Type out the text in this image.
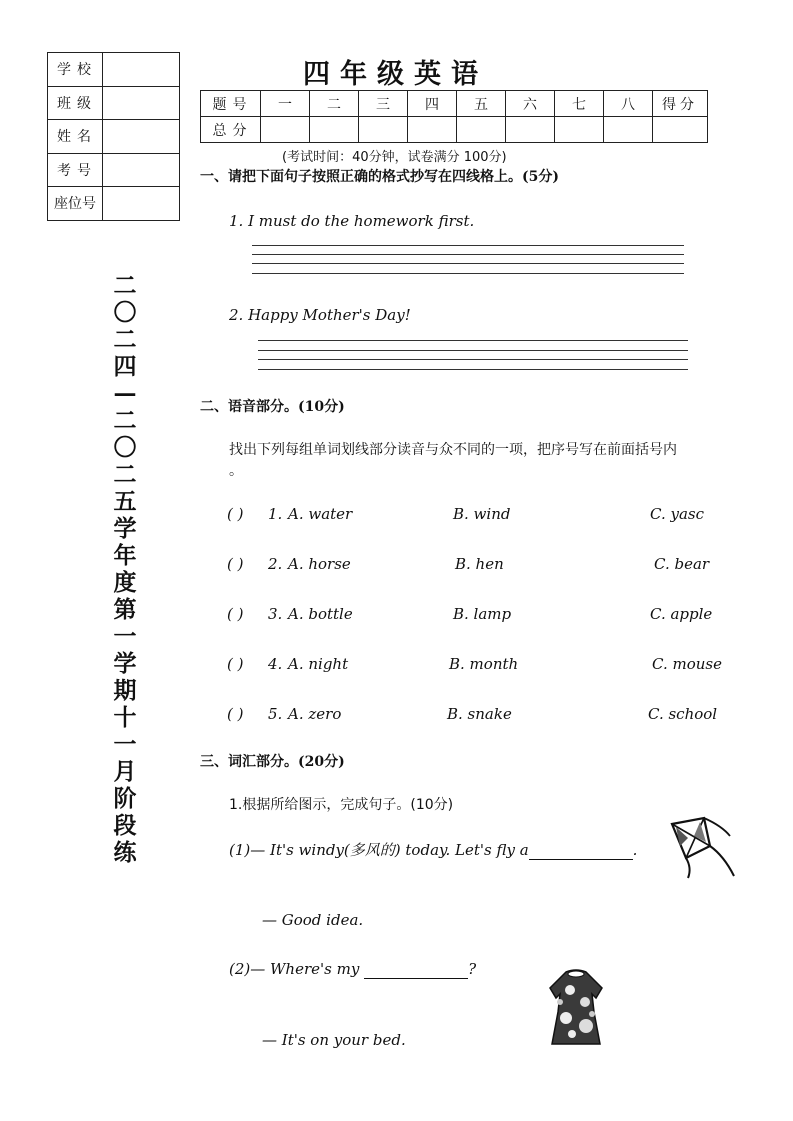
学校	
班级	
姓名	
考号	
座位号	
二〇二四—二〇二五学年度第一学期十一月阶段练
四年级英语
题号	一	二	三	四	五	六	七	八	得分
总分									
(考试时间：40分钟，试卷满分 100分)
一、请把下面句子按照正确的格式抄写在四线格上。(5分)
1. I must do the homework first.
2. Happy Mother's Day!
二、语音部分。(10分)
找出下列每组单词划线部分读音与众不同的一项，把序号写在前面括号内
。
( ) 1. A. water	B. wind	C. yasc
( ) 2. A. horse	B. hen	C. bear
( ) 3. A. bottle	B. lamp	C. apple
( ) 4. A. night	B. month	C. mouse
( ) 5. A. zero	B. snake	C. school
三、词汇部分。(20分)
1.根据所给图示，完成句子。(10分)
(1)— It's windy(多风的) today. Let's fly a	.
— Good idea.
(2)— Where's my	?
— It's on your bed.
